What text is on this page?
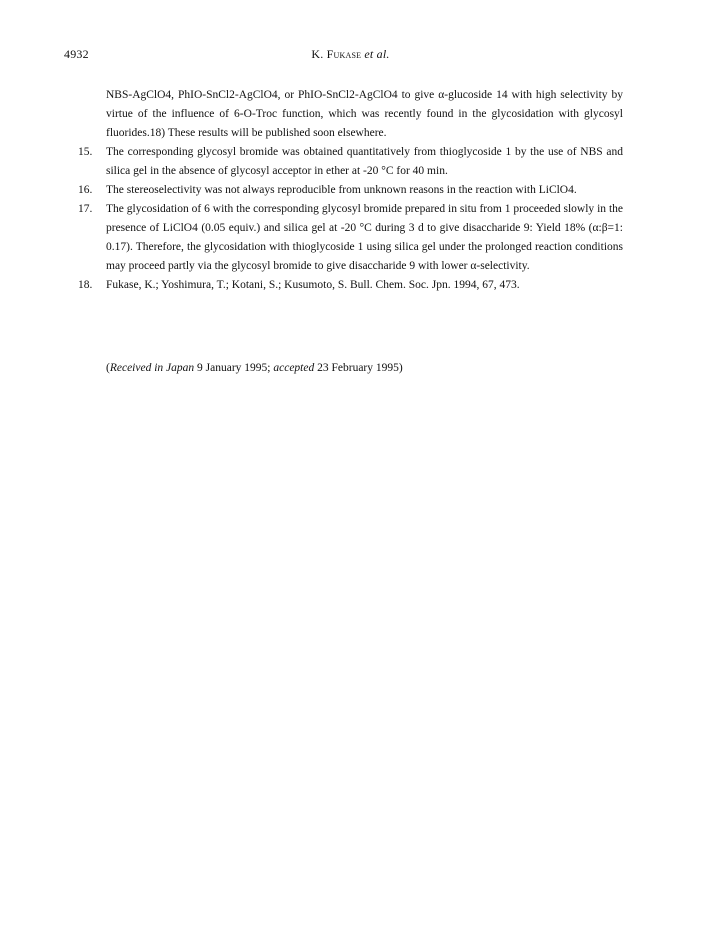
4932	K. Fukase et al.
NBS-AgClO4, PhIO-SnCl2-AgClO4, or PhIO-SnCl2-AgClO4 to give α-glucoside 14 with high selectivity by virtue of the influence of 6-O-Troc function, which was recently found in the glycosidation with glycosyl fluorides.18) These results will be published soon elsewhere.
15.	The corresponding glycosyl bromide was obtained quantitatively from thioglycoside 1 by the use of NBS and silica gel in the absence of glycosyl acceptor in ether at -20 °C for 40 min.
16.	The stereoselectivity was not always reproducible from unknown reasons in the reaction with LiClO4.
17.	The glycosidation of 6 with the corresponding glycosyl bromide prepared in situ from 1 proceeded slowly in the presence of LiClO4 (0.05 equiv.) and silica gel at -20 °C during 3 d to give disaccharide 9: Yield 18% (α:β=1: 0.17). Therefore, the glycosidation with thioglycoside 1 using silica gel under the prolonged reaction conditions may proceed partly via the glycosyl bromide to give disaccharide 9 with lower α-selectivity.
18.	Fukase, K.; Yoshimura, T.; Kotani, S.; Kusumoto, S. Bull. Chem. Soc. Jpn. 1994, 67, 473.
(Received in Japan 9 January 1995; accepted 23 February 1995)
